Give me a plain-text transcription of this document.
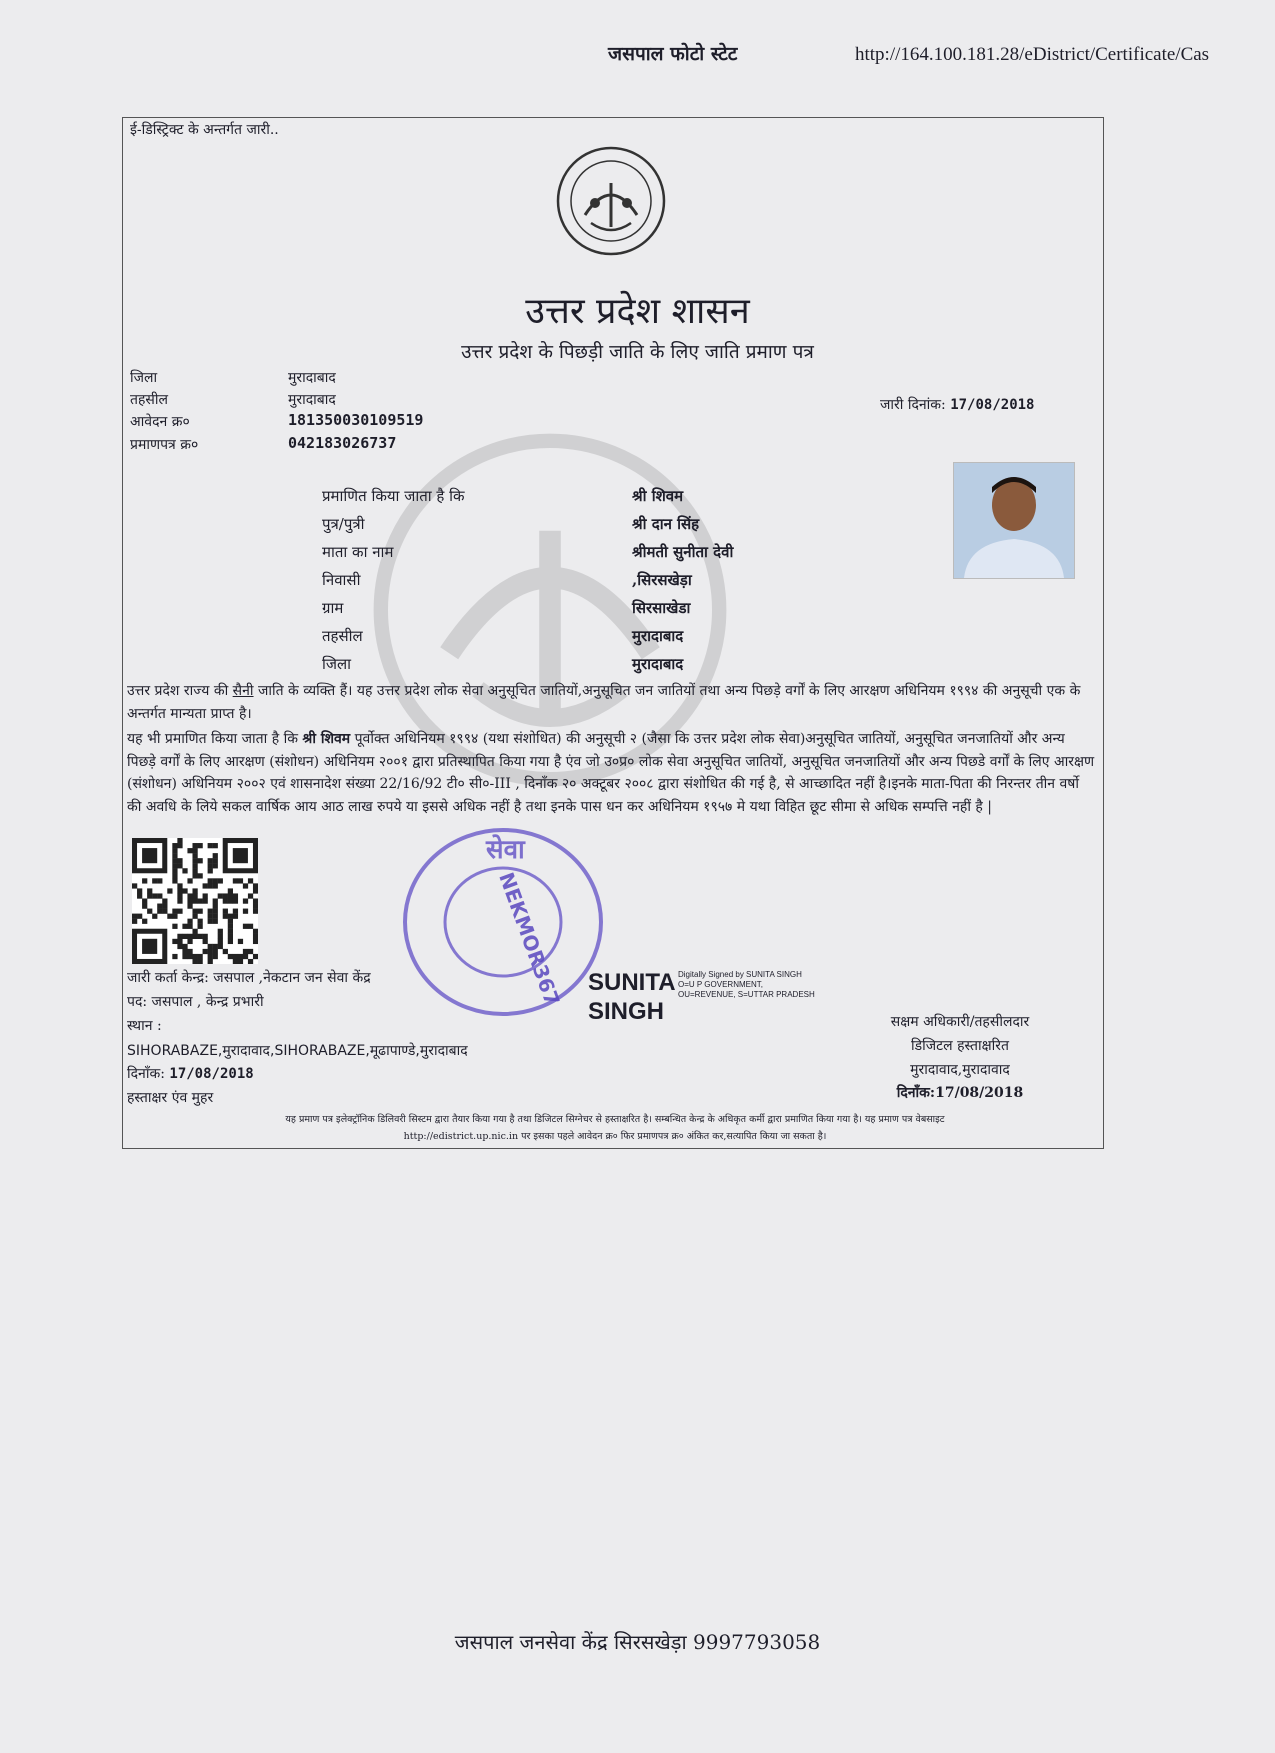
जसपाल फोटो स्टेट	http://164.100.181.28/eDistrict/Certificate/Cas
ई-डिस्ट्रिक्ट के अन्तर्गत जारी..
उत्तर प्रदेश शासन
उत्तर प्रदेश के पिछड़ी जाति के लिए जाति प्रमाण पत्र
जिला	मुरादाबाद
तहसील	मुरादाबाद
आवेदन क्र०	181350030109519
प्रमाणपत्र क्र०	042183026737
जारी दिनांक: 17/08/2018
प्रमाणित किया जाता है कि	श्री शिवम
पुत्र/पुत्री	श्री दान सिंह
माता का नाम	श्रीमती सुनीता देवी
निवासी	,सिरसखेड़ा
ग्राम	सिरसाखेडा
तहसील	मुरादाबाद
जिला	मुरादाबाद
उत्तर प्रदेश राज्य की सैनी जाति के व्यक्ति हैं। यह उत्तर प्रदेश लोक सेवा अनुसूचित जातियों,अनुसूचित जन जातियों तथा अन्य पिछड़े वर्गों के लिए आरक्षण अधिनियम १९९४ की अनुसूची एक के अन्तर्गत मान्यता प्राप्त है।
यह भी प्रमाणित किया जाता है कि श्री शिवम पूर्वोक्त अधिनियम १९९४ (यथा संशोधित) की अनुसूची २ (जैसा कि उत्तर प्रदेश लोक सेवा)अनुसूचित जातियों, अनुसूचित जनजातियों और अन्य पिछड़े वर्गों के लिए आरक्षण (संशोधन) अधिनियम २००१ द्वारा प्रतिस्थापित किया गया है एंव जो उ०प्र० लोक सेवा अनुसूचित जातियों, अनुसूचित जनजातियों और अन्य पिछडे वर्गों के लिए आरक्षण (संशोधन) अधिनियम २००२ एवं शासनादेश संख्या 22/16/92 टी० सी०-III , दिनाँक २० अक्टूबर २००८ द्वारा संशोधित की गई है, से आच्छादित नहीं है।इनके माता-पिता की निरन्तर तीन वर्षो की अवधि के लिये सकल वार्षिक आय आठ लाख रुपये या इससे अधिक नहीं है तथा इनके पास धन कर अधिनियम १९५७ मे यथा विहित छूट सीमा से अधिक सम्पत्ति नहीं है |
सेवा
NEKMOR367
जारी कर्ता केन्द्र: जसपाल ,नेकटान जन सेवा केंद्र
पद: जसपाल , केन्द्र प्रभारी
स्थान :
SIHORABAZE,मुरादावाद,SIHORABAZE,मूढापाण्डे,मुरादाबाद
दिनाँक: 17/08/2018
हस्ताक्षर एंव मुहर
SUNITA
SINGH
Digitally Signed by SUNITA SINGH O=U P GOVERNMENT, OU=REVENUE, S=UTTAR PRADESH
सक्षम अधिकारी/तहसीलदार
डिजिटल हस्ताक्षरित
मुरादावाद,मुरादावाद
दिनाँक:17/08/2018
यह प्रमाण पत्र इलेक्ट्रॉनिक डिलिवरी सिस्टम द्वारा तैयार किया गया है तथा डिजिटल सिग्नेचर से हस्ताक्षरित है। सम्बन्धित केन्द्र के अधिकृत कर्मी द्वारा प्रमाणित किया गया है। यह प्रमाण पत्र वेबसाइट
http://edistrict.up.nic.in पर इसका पहले आवेदन क्र० फिर प्रमाणपत्र क्र० अंकित कर,सत्यापित किया जा सकता है।
जसपाल जनसेवा केंद्र सिरसखेड़ा 9997793058
